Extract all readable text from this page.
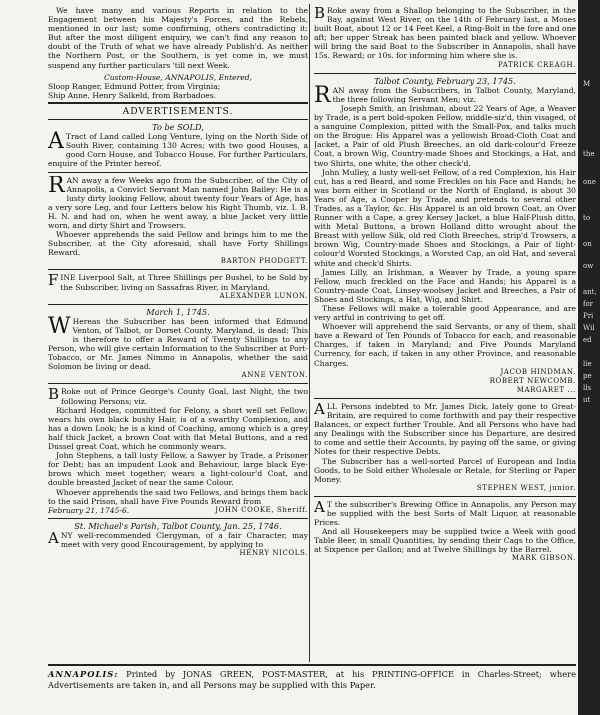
We have many and various Reports in relation to the Engagement between his Majesty's Forces, and the Rebels, mentioned in our last; some confirming, others contradicting it: But after the most diligent enquiry, we can't find any reason to doubt of the Truth of what we have already Publish'd. As neither the Northern Post, or the Southern, is yet come in, we must suspend any further particulars 'till next Week.

Custom-House, ANNAPOLIS, Entered,

Sloop Ranger, Edmund Potter, from Virginia;

Ship Anne, Henry Salkeld, from Barbadoes.

ADVERTISEMENTS.
To be SOLD,
A Tract of Land called Long Venture, lying on the North Side of South River, containing 130 Acres; with two good Houses, a good Corn House, and Tobacco House. For further Particulars, enquire of the Printer hereof.

R AN away a few Weeks ago from the Subscriber, of the City of Annapolis, a Convict Servant Man named John Bailey: He is a lusty dirty looking Fellow, about twenty four Years of Age, has a very sore Leg, and four Letters below his Right Thumb, viz. I. B. H. N. and had on, when he went away, a blue Jacket very little worn, and dirty Shirt and Trowsers.

Whoever apprehends the said Fellow and brings him to me the Subscriber, at the City aforesaid, shall have Forty Shillings Reward.

BARTON PHODGETT.

F INE Liverpool Salt, at Three Shillings per Bushel, to be Sold by the Subscriber, living on Sassafras River, in Maryland.

ALEXANDER LUNON.

March 1, 1745.
W Hereas the Subscriber has been informed that Edmund Venton, of Talbot, or Dorset County, Maryland, is dead: This is therefore to offer a Reward of Twenty Shillings to any Person, who will give certain Information to the Subscriber at Port-Tobacco, or Mr. James Nimmo in Annapolis, whether the said Solomon be living or dead.

ANNE VENTON.

B Roke out of Prince George's County Goal, last Night, the two following Persons; viz.

Richard Hodges, committed for Felony, a short well set Fellow; wears his own black bushy Hair, is of a swarthy Complexion, and has a down Look; he is a kind of Coaching, among which is a grey half thick Jacket, a brown Coat with flat Metal Buttons, and a red Dussel great Coat, which he commonly wears.

John Stephens, a tall lusty Fellow, a Sawyer by Trade, a Prisoner for Debt; has an impudent Look and Behaviour, large black Eye-brows which meet together; wears a light-colour'd Coat, and double breasted Jacket of near the same Colour.

Whoever apprehends the said two Fellows, and brings them back to the said Prison, shall have Five Pounds Reward from

February 21, 1745-6.	JOHN COOKE, Sheriff.

St. Michael's Parish, Talbot County, Jan. 25, 1746.
A NY well-recommended Clergyman, of a fair Character, may meet with very good Encouragement, by applying to

HENRY NICOLS.

B Roke away from a Shallop belonging to the Subscriber, in the Bay, against West River, on the 14th of February last, a Moses built Boat, about 12 or 14 Feet Keel, a Ring-Bolt in the fore and one aft; her upper Streak has been painted black and yellow. Whoever will bring the said Boat to the Subscriber in Annapolis, shall have 15s. Reward; or 10s. for informing him where she is.

PATRICK CREAGH.

Talbot County, February 23, 1745.
R AN away from the Subscribers, in Talbot County, Maryland, the three following Servant Men; viz.

Joseph Smith, an Irishman, about 22 Years of Age, a Weaver by Trade, is a pert bold-spoken Fellow, middle-siz'd, thin visaged, of a sanguine Complexion, pitted with the Small-Pox, and talks much on the Brogue: His Apparel was a yellowish Broad-Cloth Coat and Jacket, a Pair of old Plush Breeches, an old dark-colour'd Freeze Coat, a brown Wig, Country-made Shoes and Stockings, a Hat, and two Shirts, one white, the other check'd.

John Mulley, a lusty well-set Fellow, of a red Complexion, his Hair cut, has a red Beard, and some Freckles on his Face and Hands; he was born either in Scotland or the North of England, is about 30 Years of Age, a Cooper by Trade, and pretends to several other Trades, as a Taylor, &c. His Apparel is an old brown Coat, an Over Runner with a Cape, a grey Kersey Jacket, a blue Half-Plush ditto, with Metal Buttons, a brown Holland ditto wrought about the Breast with yellow Silk, old red Cloth Breeches, strip'd Trowsers, a brown Wig, Country-made Shoes and Stockings, a Pair of light-colour'd Worsted Stockings, a Worsted Cap, an old Hat, and several white and check'd Shirts.

James Lilly, an Irishman, a Weaver by Trade, a young spare Fellow, much freckled on the Face and Hands; his Apparel is a Country-made Coat, Linsey-woolsey Jacket and Breeches, a Pair of Shoes and Stockings, a Hat, Wig, and Shirt.

These Fellows will make a tolerable good Appearance, and are very artful in contriving to get off.

Whoever will apprehend the said Servants, or any of them, shall have a Reward of Ten Pounds of Tobacco for each, and reasonable Charges, if taken in Maryland; and Five Pounds Maryland Currency, for each, if taken in any other Province, and reasonable Charges.

JACOB HINDMAN.

ROBERT NEWCOMB.

MARGARET ...

A LL Persons indebted to Mr. James Dick, lately gone to Great-Britain, are required to come forthwith and pay their respective Balances, or expect further Trouble. And all Persons who have had any Dealings with the Subscriber since his Departure, are desired to come and settle their Accounts, by paying off the same, or giving Notes for their respective Debts.

The Subscriber has a well-sorted Parcel of European and India Goods, to be Sold either Wholesale or Retale, for Sterling or Paper Money.

STEPHEN WEST, junior.

A T the subscriber's Brewing Office in Annapolis, any Person may be supplied with the best Sorts of Malt Liquor, at reasonable Prices.

And all Housekeepers may be supplied twice a Week with good Table Beer, in small Quantities, by sending their Cags to the Office, at Sixpence per Gallon; and at Twelve Shillings by the Barrel.

MARK GIBSON.

ANNAPOLIS: Printed by JONAS GREEN, POST-MASTER, at his PRINTING-OFFICE in Charles-Street; where Advertisements are taken in, and all Persons may be supplied with this Paper.
M
the
one
to
on
ow
ant,
for
Pri
Wil
ed
lie
pe
lls
ut
